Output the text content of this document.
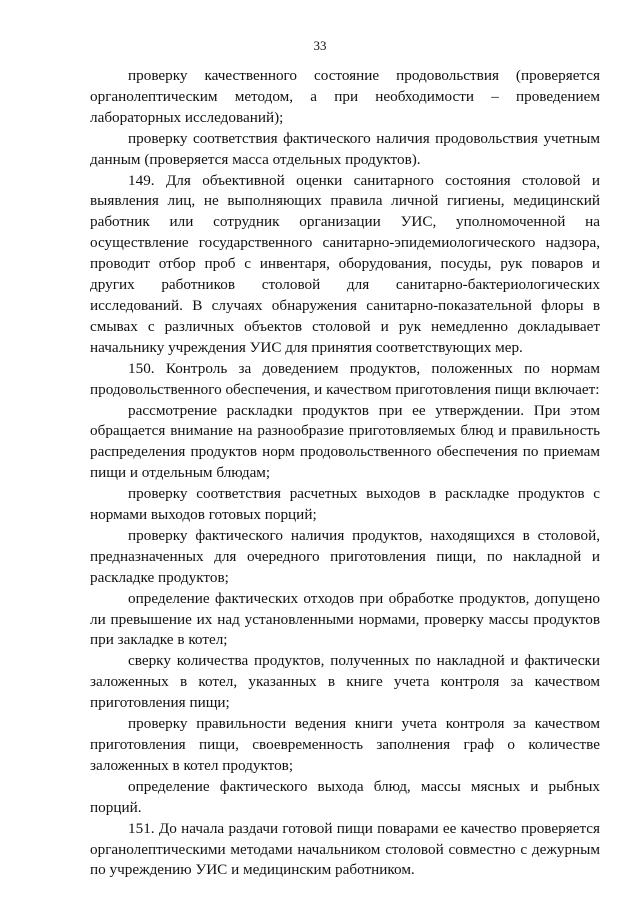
33

проверку качественного состояние продовольствия (проверяется органолептическим методом, а при необходимости – проведением лабораторных исследований);

проверку соответствия фактического наличия продовольствия учетным данным (проверяется масса отдельных продуктов).

149. Для объективной оценки санитарного состояния столовой и выявления лиц, не выполняющих правила личной гигиены, медицинский работник или сотрудник организации УИС, уполномоченной на осуществление государственного санитарно-эпидемиологического надзора, проводит отбор проб с инвентаря, оборудования, посуды, рук поваров и других работников столовой для санитарно-бактериологических исследований. В случаях обнаружения санитарно-показательной флоры в смывах с различных объектов столовой и рук немедленно докладывает начальнику учреждения УИС для принятия соответствующих мер.

150. Контроль за доведением продуктов, положенных по нормам продовольственного обеспечения, и качеством приготовления пищи включает:

рассмотрение раскладки продуктов при ее утверждении. При этом обращается внимание на разнообразие приготовляемых блюд и правильность распределения продуктов норм продовольственного обеспечения по приемам пищи и отдельным блюдам;

проверку соответствия расчетных выходов в раскладке продуктов с нормами выходов готовых порций;

проверку фактического наличия продуктов, находящихся в столовой, предназначенных для очередного приготовления пищи, по накладной и раскладке продуктов;

определение фактических отходов при обработке продуктов, допущено ли превышение их над установленными нормами, проверку массы продуктов при закладке в котел;

сверку количества продуктов, полученных по накладной и фактически заложенных в котел, указанных в книге учета контроля за качеством приготовления пищи;

проверку правильности ведения книги учета контроля за качеством приготовления пищи, своевременность заполнения граф о количестве заложенных в котел продуктов;

определение фактического выхода блюд, массы мясных и рыбных порций.

151. До начала раздачи готовой пищи поварами ее качество проверяется органолептическими методами начальником столовой совместно с дежурным по учреждению УИС и медицинским работником.
